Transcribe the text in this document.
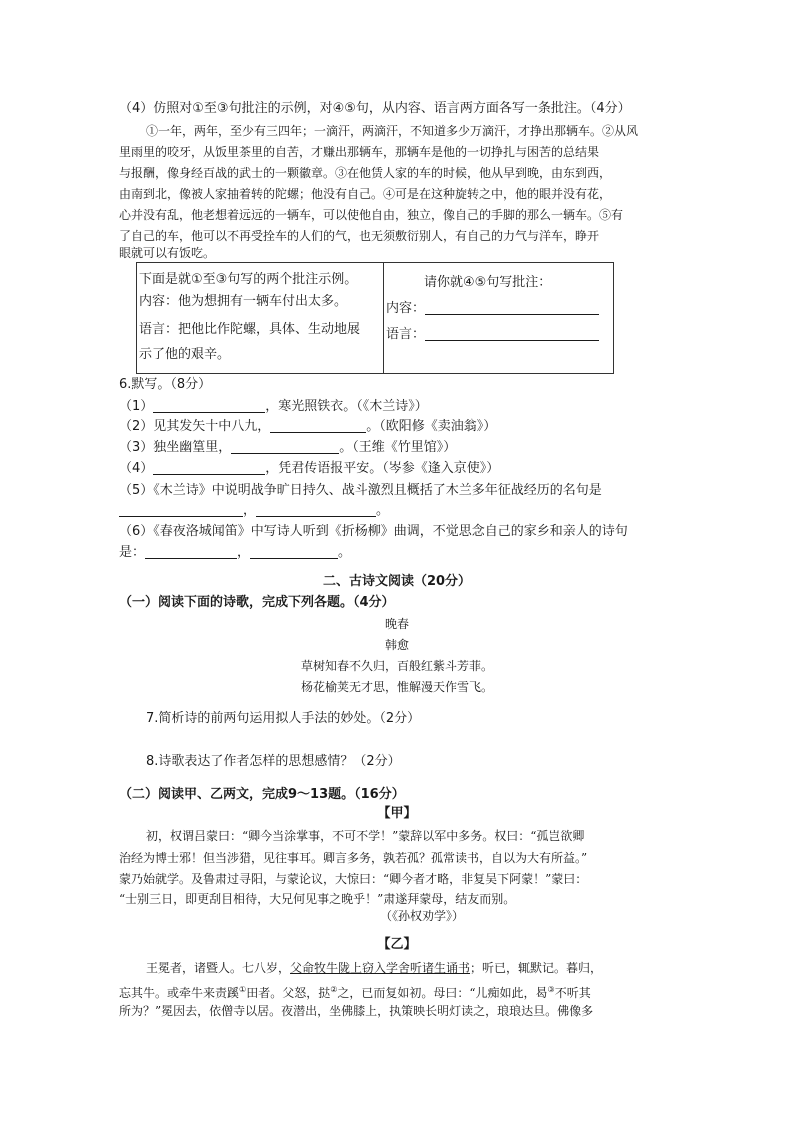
（4）仿照对①至③句批注的示例，对④⑤句，从内容、语言两方面各写一条批注。（4分）
①一年，两年，至少有三四年；一滴汗，两滴汗，不知道多少万滴汗，才挣出那辆车。②从风
里雨里的咬牙，从饭里茶里的自苦，才赚出那辆车，那辆车是他的一切挣扎与困苦的总结果
与报酬，像身经百战的武士的一颗徽章。③在他赁人家的车的时候，他从早到晚，由东到西，
由南到北，像被人家抽着转的陀螺；他没有自己。④可是在这种旋转之中，他的眼并没有花，
心并没有乱，他老想着远远的一辆车，可以使他自由，独立，像自己的手脚的那么一辆车。⑤有
了自己的车，他可以不再受拴车的人们的气，也无须敷衍别人，有自己的力气与洋车，睁开
眼就可以有饭吃。
下面是就①至③句写的两个批注示例。
内容：他为想拥有一辆车付出太多。
语言：把他比作陀螺，具体、生动地展
示了他的艰辛。
请你就④⑤句写批注：
内容：
语言：
6.默写。（8分）
（1）	，寒光照铁衣。（《木兰诗》）
（2）见其发矢十中八九，	。（欧阳修《卖油翁》）
（3）独坐幽篁里，	。（王维《竹里馆》）
（4）	，凭君传语报平安。（岑参《逢入京使》）
（5）《木兰诗》中说明战争旷日持久、战斗激烈且概括了木兰多年征战经历的名句是
，	。
（6）《春夜洛城闻笛》中写诗人听到《折杨柳》曲调，不觉思念自己的家乡和亲人的诗句
是：	，	。
二、古诗文阅读（20分）
（一）阅读下面的诗歌，完成下列各题。（4分）
晚春
韩愈
草树知春不久归，百般红紫斗芳菲。
杨花榆荚无才思，惟解漫天作雪飞。
7.简析诗的前两句运用拟人手法的妙处。（2分）
8.诗歌表达了作者怎样的思想感情？（2分）
（二）阅读甲、乙两文，完成9～13题。（16分）
【甲】
初，权谓吕蒙曰：“卿今当涂掌事，不可不学！”蒙辞以军中多务。权曰：“孤岂欲卿
治经为博士邪！但当涉猎，见往事耳。卿言多务，孰若孤？孤常读书，自以为大有所益。”
蒙乃始就学。及鲁肃过寻阳，与蒙论议，大惊曰：“卿今者才略，非复吴下阿蒙！”蒙曰：
“士别三日，即更刮目相待，大兄何见事之晚乎！”肃遂拜蒙母，结友而别。
（《孙权劝学》）
【乙】
王冕者，诸暨人。七八岁，父命牧牛陇上窃入学舍听诸生诵书；听已，辄默记。暮归，
忘其牛。或牵牛来责蹊①田者。父怒，挞②之，已而复如初。母曰：“儿痴如此，曷③不听其
所为？”冕因去，依僧寺以居。夜潜出，坐佛膝上，执策映长明灯读之，琅琅达旦。佛像多
